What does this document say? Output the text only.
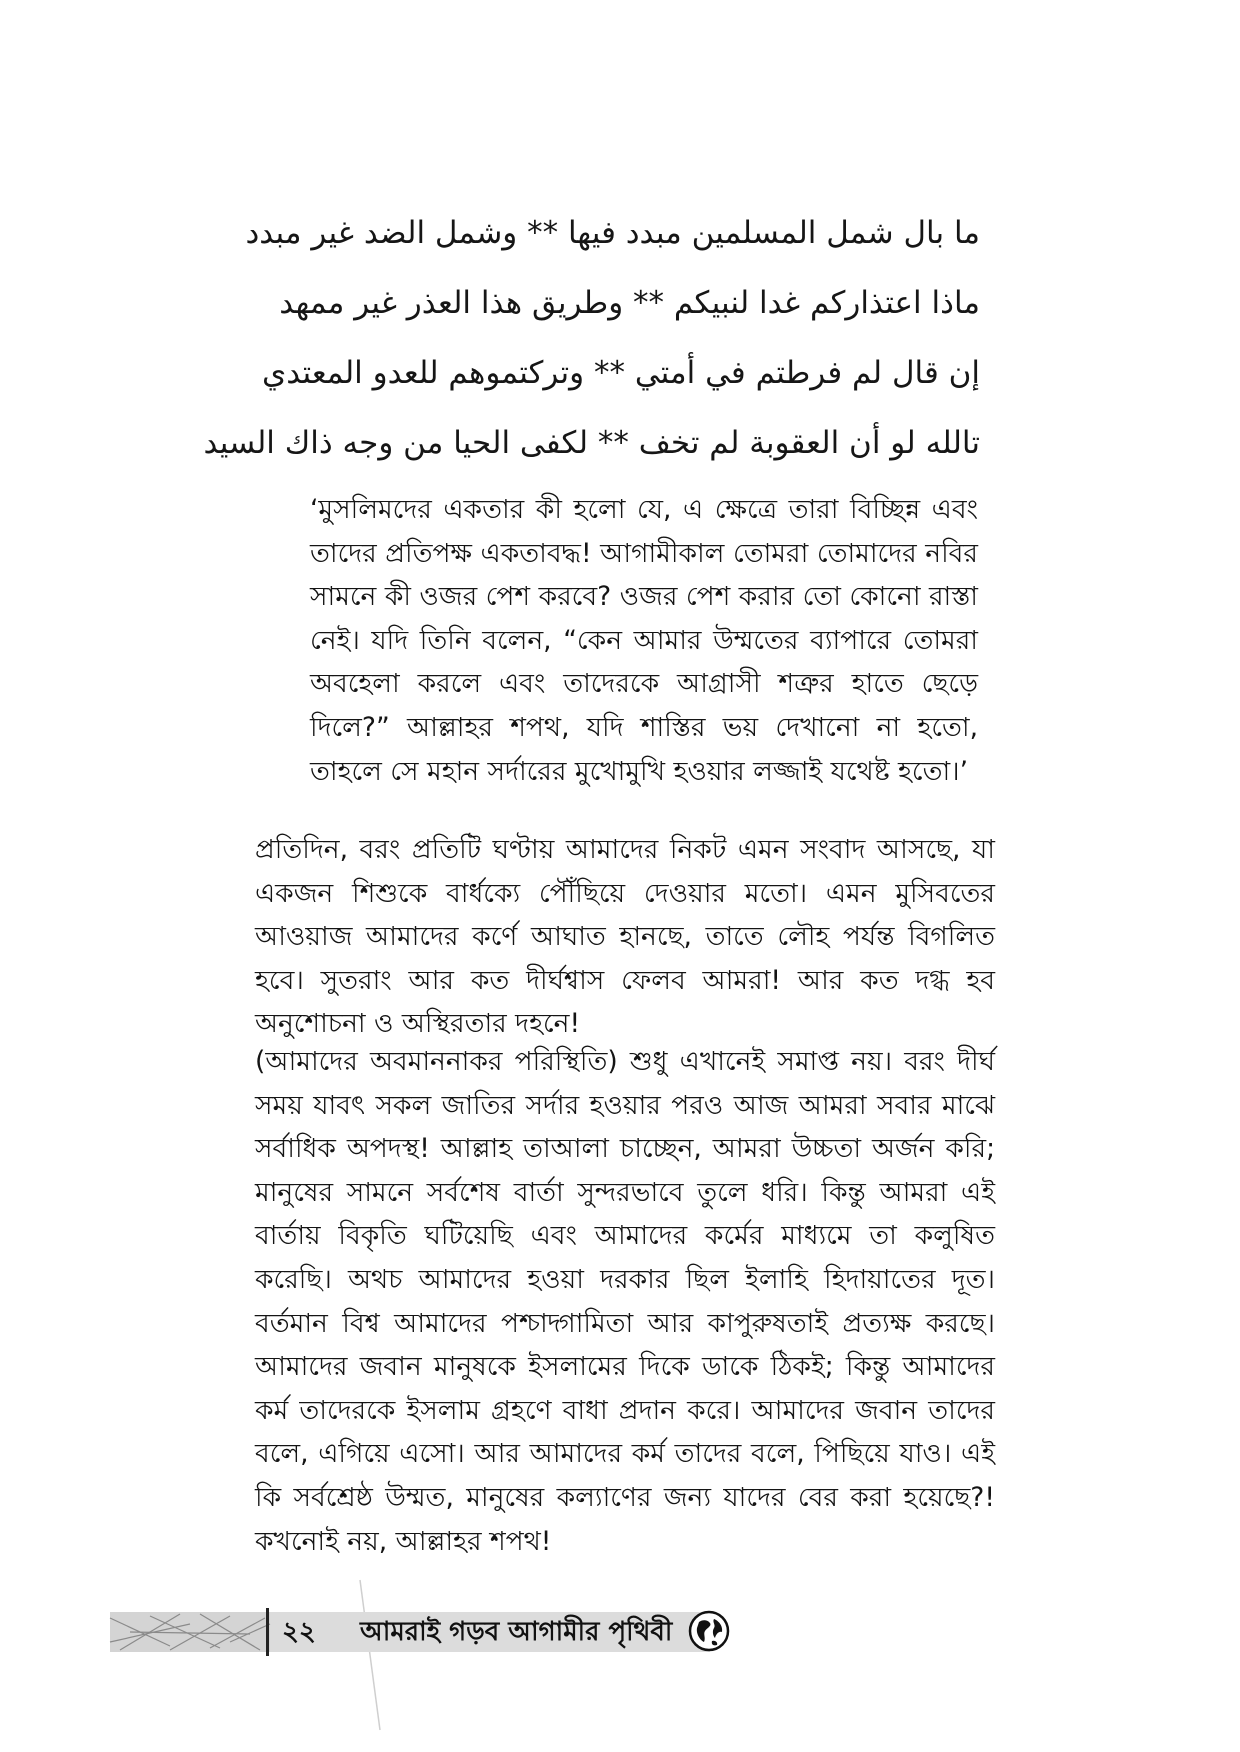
ما بال شمل المسلمين مبدد فيها ** وشمل الضد غير مبدد
ماذا اعتذاركم غدا لنبيكم ** وطريق هذا العذر غير ممهد
إن قال لم فرطتم في أمتي ** وتركتموهم للعدو المعتدي
تالله لو أن العقوبة لم تخف ** لكفى الحيا من وجه ذاك السيد
‘মুসলিমদের একতার কী হলো যে, এ ক্ষেত্রে তারা বিচ্ছিন্ন এবং তাদের প্রতিপক্ষ একতাবদ্ধ! আগামীকাল তোমরা তোমাদের নবির সামনে কী ওজর পেশ করবে? ওজর পেশ করার তো কোনো রাস্তা নেই। যদি তিনি বলেন, “কেন আমার উম্মতের ব্যাপারে তোমরা অবহেলা করলে এবং তাদেরকে আগ্রাসী শত্রুর হাতে ছেড়ে দিলে?” আল্লাহর শপথ, যদি শাস্তির ভয় দেখানো না হতো, তাহলে সে মহান সর্দারের মুখোমুখি হওয়ার লজ্জাই যথেষ্ট হতো।’
প্রতিদিন, বরং প্রতিটি ঘণ্টায় আমাদের নিকট এমন সংবাদ আসছে, যা একজন শিশুকে বার্ধক্যে পৌঁছিয়ে দেওয়ার মতো। এমন মুসিবতের আওয়াজ আমাদের কর্ণে আঘাত হানছে, তাতে লৌহ পর্যন্ত বিগলিত হবে। সুতরাং আর কত দীর্ঘশ্বাস ফেলব আমরা! আর কত দগ্ধ হব অনুশোচনা ও অস্থিরতার দহনে!
(আমাদের অবমাননাকর পরিস্থিতি) শুধু এখানেই সমাপ্ত নয়। বরং দীর্ঘ সময় যাবৎ সকল জাতির সর্দার হওয়ার পরও আজ আমরা সবার মাঝে সর্বাধিক অপদস্থ! আল্লাহ তাআলা চাচ্ছেন, আমরা উচ্চতা অর্জন করি; মানুষের সামনে সর্বশেষ বার্তা সুন্দরভাবে তুলে ধরি। কিন্তু আমরা এই বার্তায় বিকৃতি ঘটিয়েছি এবং আমাদের কর্মের মাধ্যমে তা কলুষিত করেছি। অথচ আমাদের হওয়া দরকার ছিল ইলাহি হিদায়াতের দূত। বর্তমান বিশ্ব আমাদের পশ্চাদ্গামিতা আর কাপুরুষতাই প্রত্যক্ষ করছে। আমাদের জবান মানুষকে ইসলামের দিকে ডাকে ঠিকই; কিন্তু আমাদের কর্ম তাদেরকে ইসলাম গ্রহণে বাধা প্রদান করে। আমাদের জবান তাদের বলে, এগিয়ে এসো। আর আমাদের কর্ম তাদের বলে, পিছিয়ে যাও। এই কি সর্বশ্রেষ্ঠ উম্মত, মানুষের কল্যাণের জন্য যাদের বের করা হয়েছে?! কখনোই নয়, আল্লাহর শপথ!
২২ আমরাই গড়ব আগামীর পৃথিবী
